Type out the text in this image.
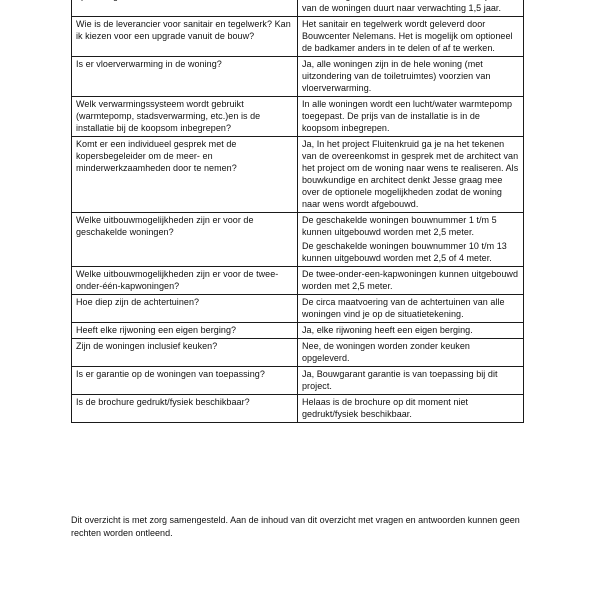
van de woningen duurt naar verwachting 1,5 jaar.

Wie is de leverancier voor sanitair en tegelwerk? Kan ik kiezen voor een upgrade vanuit de bouw?	Het sanitair en tegelwerk wordt geleverd door Bouwcenter Nelemans. Het is mogelijk om optioneel de badkamer anders in te delen of af te werken.

Is er vloerverwarming in de woning?	Ja, alle woningen zijn in de hele woning (met uitzondering van de toiletruimtes) voorzien van vloerverwarming.

Welk verwarmingssysteem wordt gebruikt (warmtepomp, stadsverwarming, etc.)en is de installatie bij de koopsom inbegrepen?	In alle woningen wordt een lucht/water warmtepomp toegepast. De prijs van de installatie is in de koopsom inbegrepen.

Komt er een individueel gesprek met de kopersbegeleider om de meer- en minderwerkzaamheden door te nemen?	Ja, In het project Fluitenkruid ga je na het tekenen van de overeenkomst in gesprek met de architect van het project om de woning naar wens te realiseren. Als bouwkundige en architect denkt Jesse graag mee over de optionele mogelijkheden zodat de woning naar wens wordt afgebouwd.

Welke uitbouwmogelijkheden zijn er voor de geschakelde woningen?	De geschakelde woningen bouwnummer 1 t/m 5 kunnen uitgebouwd worden met 2,5 meter.

De geschakelde woningen bouwnummer 10 t/m 13 kunnen uitgebouwd worden met 2,5 of 4 meter.

Welke uitbouwmogelijkheden zijn er voor de twee-onder-één-kapwoningen?	De twee-onder-een-kapwoningen kunnen uitgebouwd worden met 2,5 meter.

Hoe diep zijn de achtertuinen?	De circa maatvoering van de achtertuinen van alle woningen vind je op de situatietekening.

Heeft elke rijwoning een eigen berging?	Ja, elke rijwoning heeft een eigen berging.

Zijn de woningen inclusief keuken?	Nee, de woningen worden zonder keuken opgeleverd.

Is er garantie op de woningen van toepassing?	Ja, Bouwgarant garantie is van toepassing bij dit project.

Is de brochure gedrukt/fysiek beschikbaar?	Helaas is de brochure op dit moment niet gedrukt/fysiek beschikbaar.

Dit overzicht is met zorg samengesteld. Aan de inhoud van dit overzicht met vragen en antwoorden kunnen geen rechten worden ontleend.
